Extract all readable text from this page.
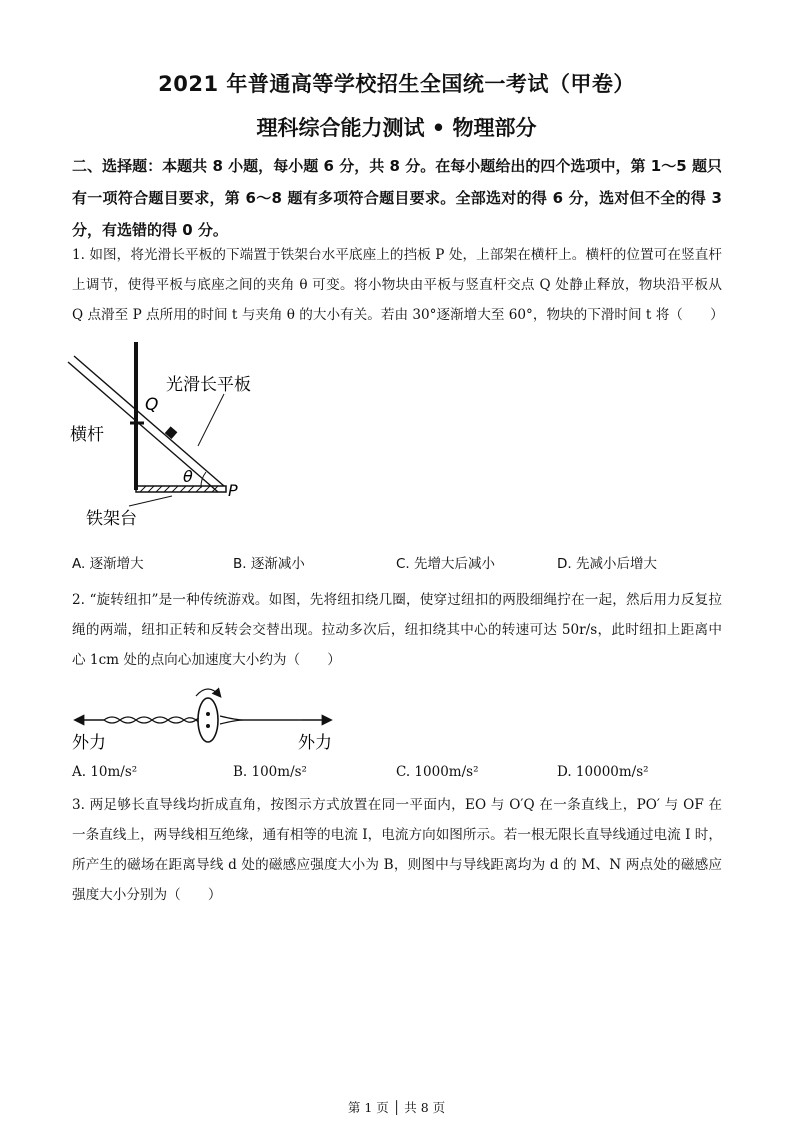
2021 年普通高等学校招生全国统一考试（甲卷）
理科综合能力测试 • 物理部分
二、选择题：本题共 8 小题，每小题 6 分，共 8 分。在每小题给出的四个选项中，第 1～5 题只有一项符合题目要求，第 6～8 题有多项符合题目要求。全部选对的得 6 分，选对但不全的得 3 分，有选错的得 0 分。
1. 如图，将光滑长平板的下端置于铁架台水平底座上的挡板 P 处，上部架在横杆上。横杆的位置可在竖直杆上调节，使得平板与底座之间的夹角 θ 可变。将小物块由平板与竖直杆交点 Q 处静止释放，物块沿平板从 Q 点滑至 P 点所用的时间 t 与夹角 θ 的大小有关。若由 30°逐渐增大至 60°，物块的下滑时间 t 将（　　）
光滑长平板
Q
横杆
θ
P
铁架台
A. 逐渐增大	B. 逐渐减小	C. 先增大后减小	D. 先减小后增大
2. “旋转纽扣”是一种传统游戏。如图，先将纽扣绕几圈，使穿过纽扣的两股细绳拧在一起，然后用力反复拉绳的两端，纽扣正转和反转会交替出现。拉动多次后，纽扣绕其中心的转速可达 50r/s，此时纽扣上距离中心 1cm 处的点向心加速度大小约为（　　）
外力	外力
A. 10m/s²	B. 100m/s²	C. 1000m/s²	D. 10000m/s²
3. 两足够长直导线均折成直角，按图示方式放置在同一平面内，EO 与 O′Q 在一条直线上，PO′ 与 OF 在一条直线上，两导线相互绝缘，通有相等的电流 I，电流方向如图所示。若一根无限长直导线通过电流 I 时，所产生的磁场在距离导线 d 处的磁感应强度大小为 B，则图中与导线距离均为 d 的 M、N 两点处的磁感应强度大小分别为（　　）
第 1 页 │ 共 8 页
